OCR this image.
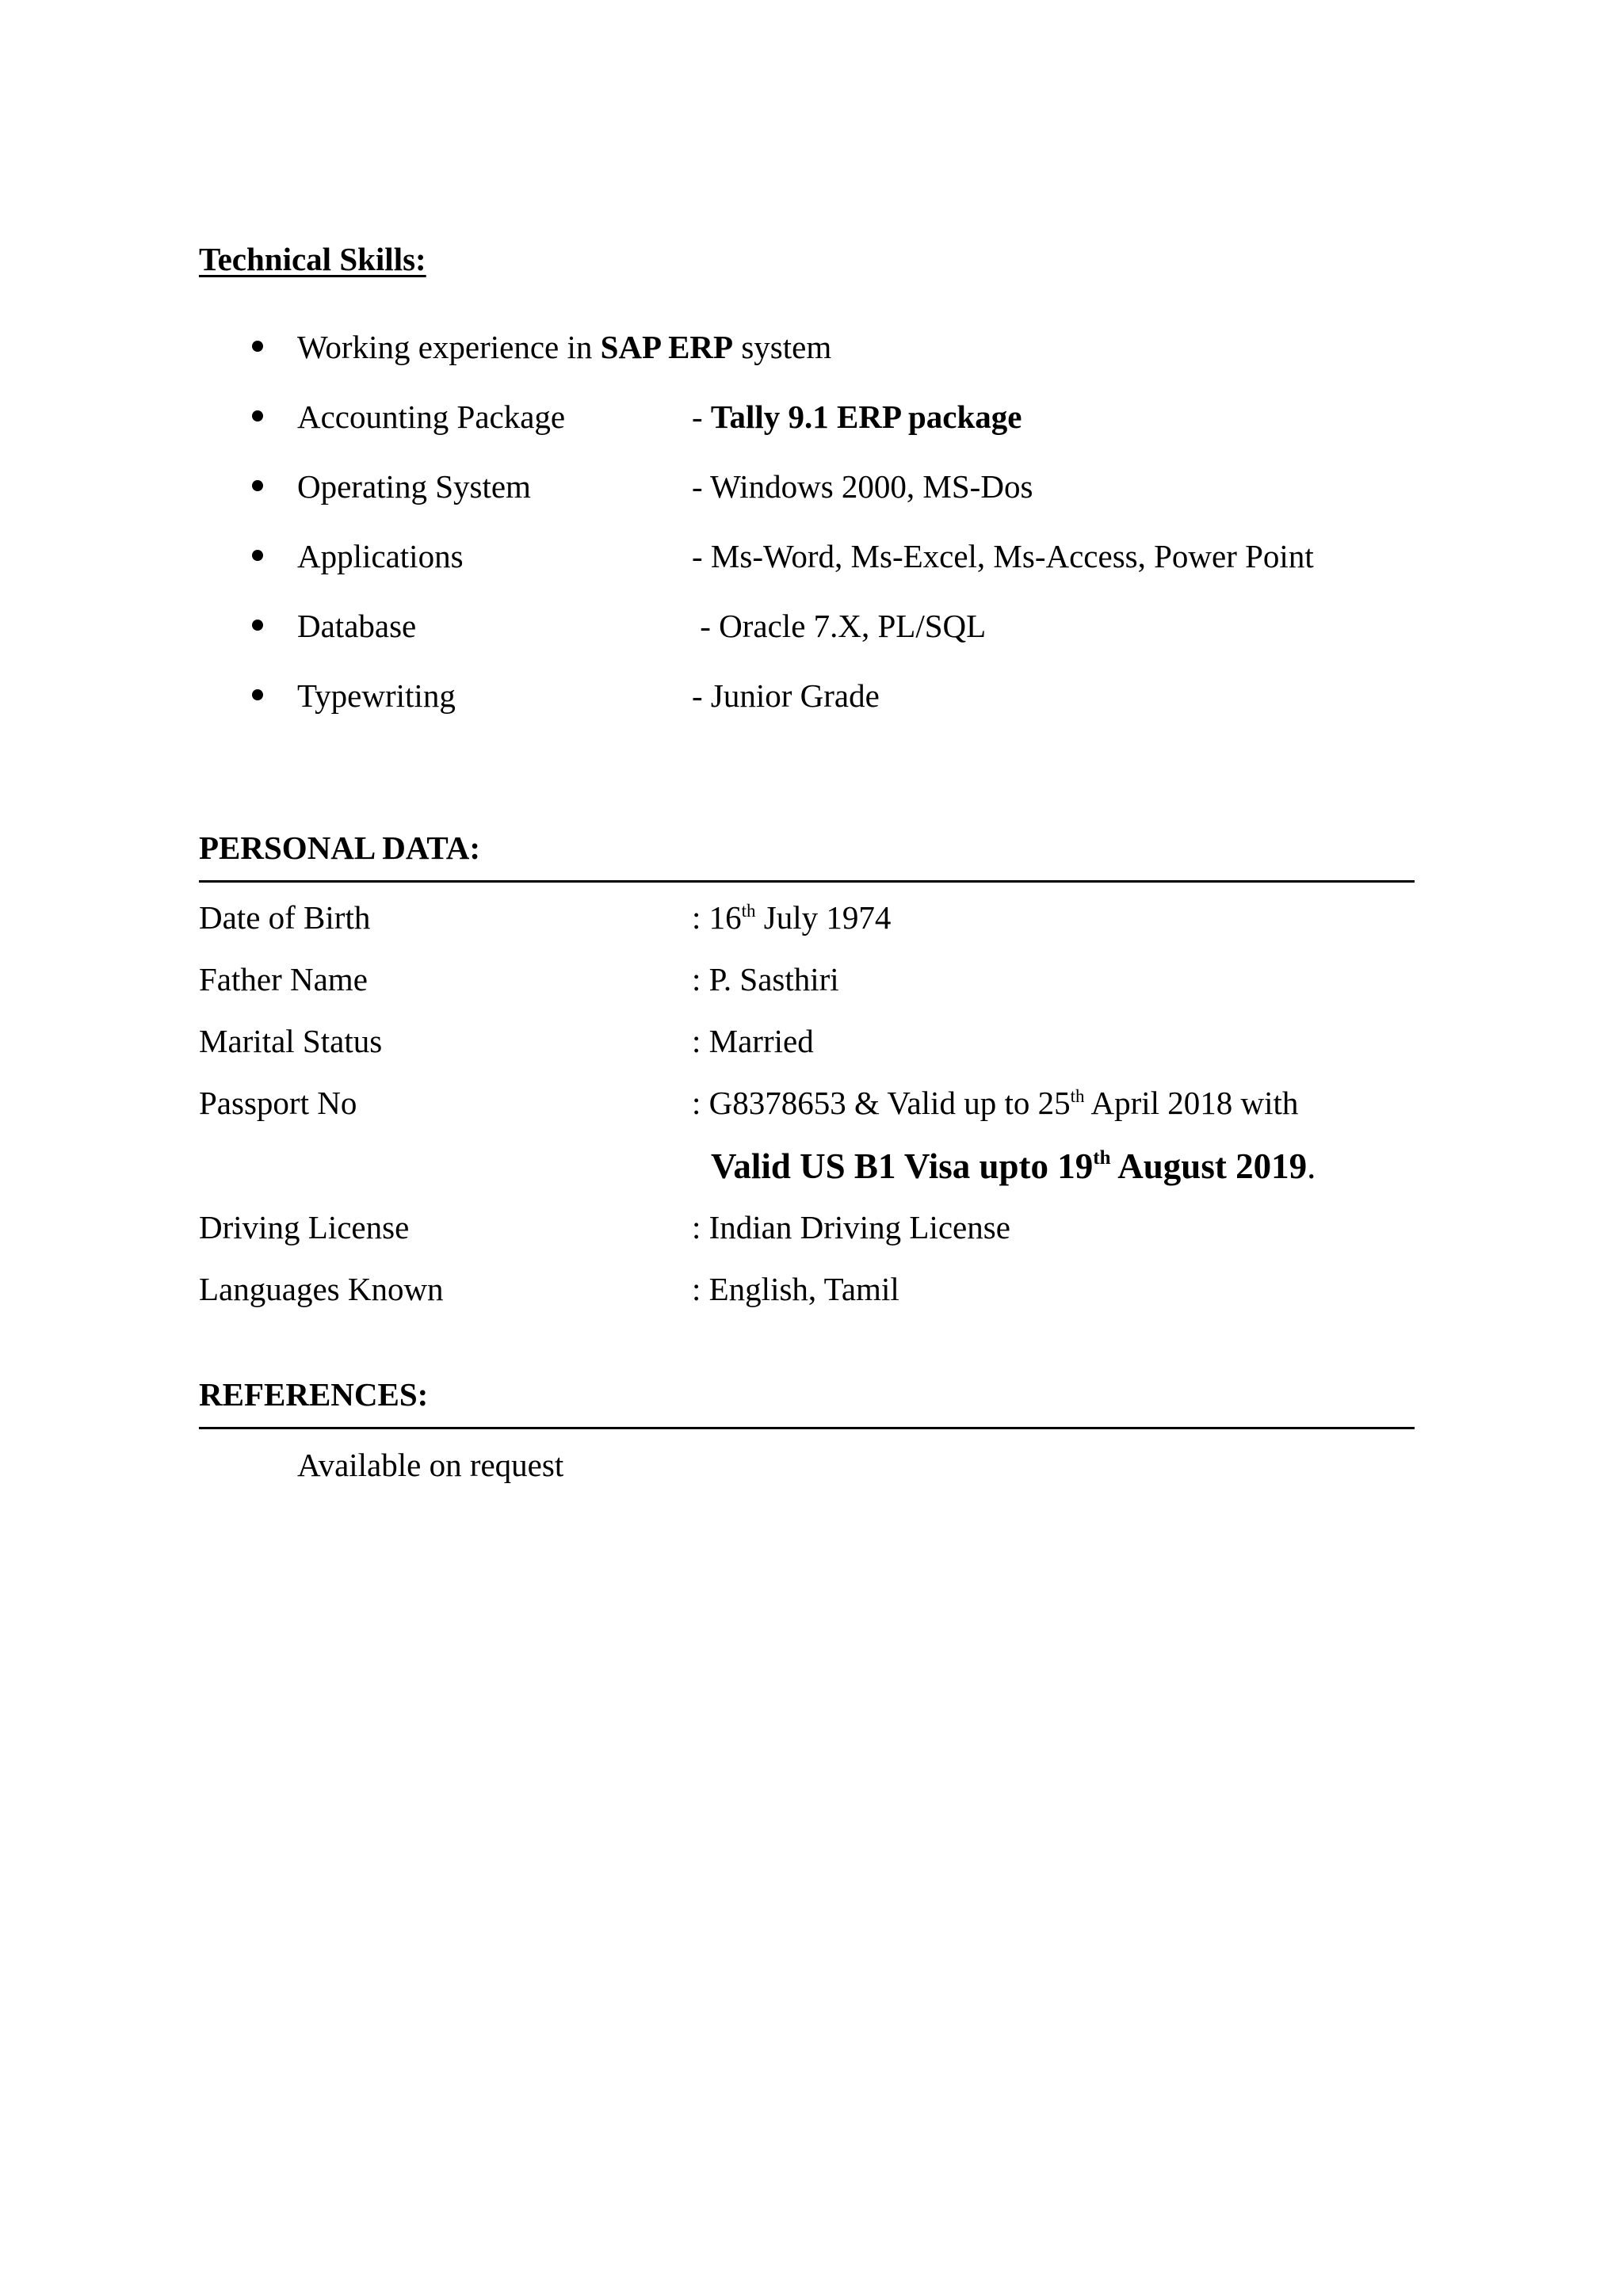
Technical Skills:
Working experience in SAP ERP system
Accounting Package	- Tally 9.1 ERP package
Operating System	- Windows 2000, MS-Dos
Applications	- Ms-Word, Ms-Excel, Ms-Access, Power Point
Database	- Oracle 7.X, PL/SQL
Typewriting	- Junior Grade
PERSONAL DATA:
Date of Birth	: 16th July 1974
Father Name	: P. Sasthiri
Marital Status	: Married
Passport No	: G8378653 & Valid up to 25th April 2018 with
Valid US B1 Visa upto 19th August 2019.
Driving License	: Indian Driving License
Languages Known	: English, Tamil
REFERENCES:
Available on request
